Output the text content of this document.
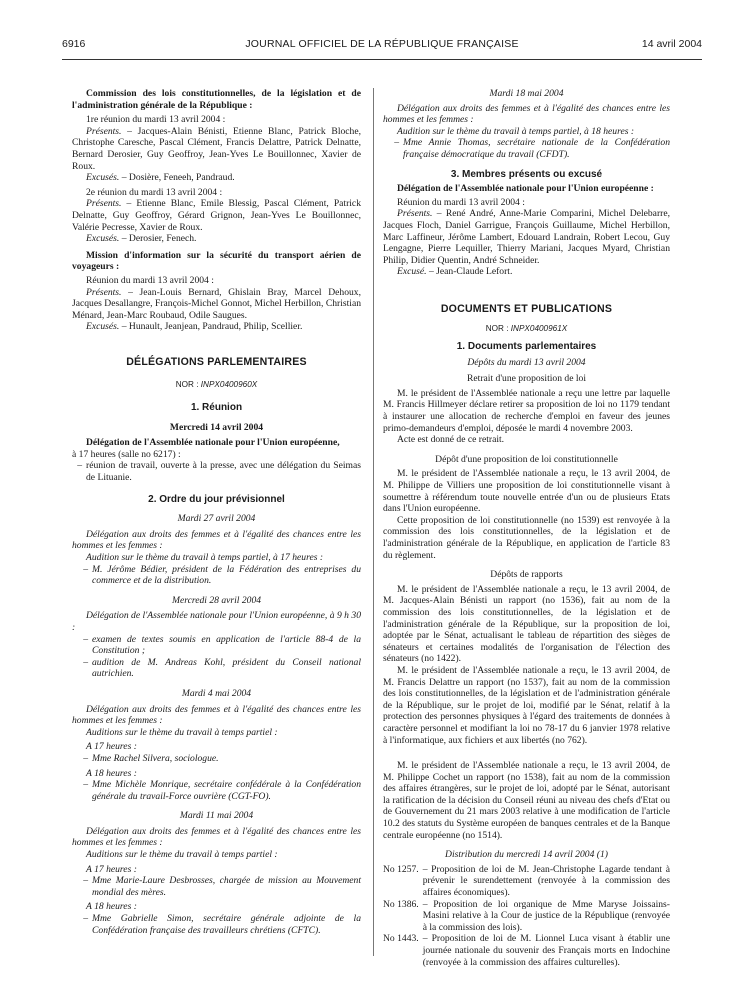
6916	JOURNAL OFFICIEL DE LA RÉPUBLIQUE FRANÇAISE	14 avril 2004

Commission des lois constitutionnelles, de la législation et de l'administration générale de la République :

1re réunion du mardi 13 avril 2004 :

Présents. – Jacques-Alain Bénisti, Etienne Blanc, Patrick Bloche, Christophe Caresche, Pascal Clément, Francis Delattre, Patrick Delnatte, Bernard Derosier, Guy Geoffroy, Jean-Yves Le Bouillonnec, Xavier de Roux.

Excusés. – Dosière, Feneeh, Pandraud.

2e réunion du mardi 13 avril 2004 :

Présents. – Etienne Blanc, Emile Blessig, Pascal Clément, Patrick Delnatte, Guy Geoffroy, Gérard Grignon, Jean-Yves Le Bouillonnec, Valérie Pecresse, Xavier de Roux.

Excusés. – Derosier, Fenech.

Mission d'information sur la sécurité du transport aérien de voyageurs :

Réunion du mardi 13 avril 2004 :

Présents. – Jean-Louis Bernard, Ghislain Bray, Marcel Dehoux, Jacques Desallangre, François-Michel Gonnot, Michel Herbillon, Christian Ménard, Jean-Marc Roubaud, Odile Saugues.

Excusés. – Hunault, Jeanjean, Pandraud, Philip, Scellier.

DÉLÉGATIONS PARLEMENTAIRES

NOR : INPX0400960X

1. Réunion

Mercredi 14 avril 2004

Délégation de l'Assemblée nationale pour l'Union européenne,

à 17 heures (salle no 6217) :

– réunion de travail, ouverte à la presse, avec une délégation du Seimas de Lituanie.

2. Ordre du jour prévisionnel

Mardi 27 avril 2004

Délégation aux droits des femmes et à l'égalité des chances entre les hommes et les femmes :

Audition sur le thème du travail à temps partiel, à 17 heures :

– M. Jérôme Bédier, président de la Fédération des entreprises du commerce et de la distribution.

Mercredi 28 avril 2004

Délégation de l'Assemblée nationale pour l'Union européenne, à 9 h 30 :

– examen de textes soumis en application de l'article 88-4 de la Constitution ;
– audition de M. Andreas Kohl, président du Conseil national autrichien.

Mardi 4 mai 2004

Délégation aux droits des femmes et à l'égalité des chances entre les hommes et les femmes :

Auditions sur le thème du travail à temps partiel :

A 17 heures :

– Mme Rachel Silvera, sociologue.

A 18 heures :

– Mme Michèle Monrique, secrétaire confédérale à la Confédération générale du travail-Force ouvrière (CGT-FO).

Mardi 11 mai 2004

Délégation aux droits des femmes et à l'égalité des chances entre les hommes et les femmes :

Auditions sur le thème du travail à temps partiel :

A 17 heures :

– Mme Marie-Laure Desbrosses, chargée de mission au Mouvement mondial des mères.

A 18 heures :

– Mme Gabrielle Simon, secrétaire générale adjointe de la Confédération française des travailleurs chrétiens (CFTC).

Mardi 18 mai 2004

Délégation aux droits des femmes et à l'égalité des chances entre les hommes et les femmes :

Audition sur le thème du travail à temps partiel, à 18 heures :

– Mme Annie Thomas, secrétaire nationale de la Confédération française démocratique du travail (CFDT).

3. Membres présents ou excusé

Délégation de l'Assemblée nationale pour l'Union européenne :

Réunion du mardi 13 avril 2004 :

Présents. – René André, Anne-Marie Comparini, Michel Delebarre, Jacques Floch, Daniel Garrigue, François Guillaume, Michel Herbillon, Marc Laffineur, Jérôme Lambert, Edouard Landrain, Robert Lecou, Guy Lengagne, Pierre Lequiller, Thierry Mariani, Jacques Myard, Christian Philip, Didier Quentin, André Schneider.

Excusé. – Jean-Claude Lefort.

DOCUMENTS ET PUBLICATIONS

NOR : INPX0400961X

1. Documents parlementaires

Dépôts du mardi 13 avril 2004

Retrait d'une proposition de loi

M. le président de l'Assemblée nationale a reçu une lettre par laquelle M. Francis Hillmeyer déclare retirer sa proposition de loi no 1179 tendant à instaurer une allocation de recherche d'emploi en faveur des jeunes primo-demandeurs d'emploi, déposée le mardi 4 novembre 2003.

Acte est donné de ce retrait.

Dépôt d'une proposition de loi constitutionnelle

M. le président de l'Assemblée nationale a reçu, le 13 avril 2004, de M. Philippe de Villiers une proposition de loi constitutionnelle visant à soumettre à référendum toute nouvelle entrée d'un ou de plusieurs Etats dans l'Union européenne.

Cette proposition de loi constitutionnelle (no 1539) est renvoyée à la commission des lois constitutionnelles, de la législation et de l'administration générale de la République, en application de l'article 83 du règlement.

Dépôts de rapports

M. le président de l'Assemblée nationale a reçu, le 13 avril 2004, de M. Jacques-Alain Bénisti un rapport (no 1536), fait au nom de la commission des lois constitutionnelles, de la législation et de l'administration générale de la République, sur la proposition de loi, adoptée par le Sénat, actualisant le tableau de répartition des sièges de sénateurs et certaines modalités de l'organisation de l'élection des sénateurs (no 1422).

M. le président de l'Assemblée nationale a reçu, le 13 avril 2004, de M. Francis Delattre un rapport (no 1537), fait au nom de la commission des lois constitutionnelles, de la législation et de l'administration générale de la République, sur le projet de loi, modifié par le Sénat, relatif à la protection des personnes physiques à l'égard des traitements de données à caractère personnel et modifiant la loi no 78-17 du 6 janvier 1978 relative à l'informatique, aux fichiers et aux libertés (no 762).

M. le président de l'Assemblée nationale a reçu, le 13 avril 2004, de M. Philippe Cochet un rapport (no 1538), fait au nom de la commission des affaires étrangères, sur le projet de loi, adopté par le Sénat, autorisant la ratification de la décision du Conseil réuni au niveau des chefs d'Etat ou de Gouvernement du 21 mars 2003 relative à une modification de l'article 10.2 des statuts du Système européen de banques centrales et de la Banque centrale européenne (no 1514).

Distribution du mercredi 14 avril 2004 (1)

No 1257. – Proposition de loi de M. Jean-Christophe Lagarde tendant à prévenir le surendettement (renvoyée à la commission des affaires économiques).
No 1386. – Proposition de loi organique de Mme Maryse Joissains-Masini relative à la Cour de justice de la République (renvoyée à la commission des lois).
No 1443. – Proposition de loi de M. Lionnel Luca visant à établir une journée nationale du souvenir des Français morts en Indochine (renvoyée à la commission des affaires culturelles).
